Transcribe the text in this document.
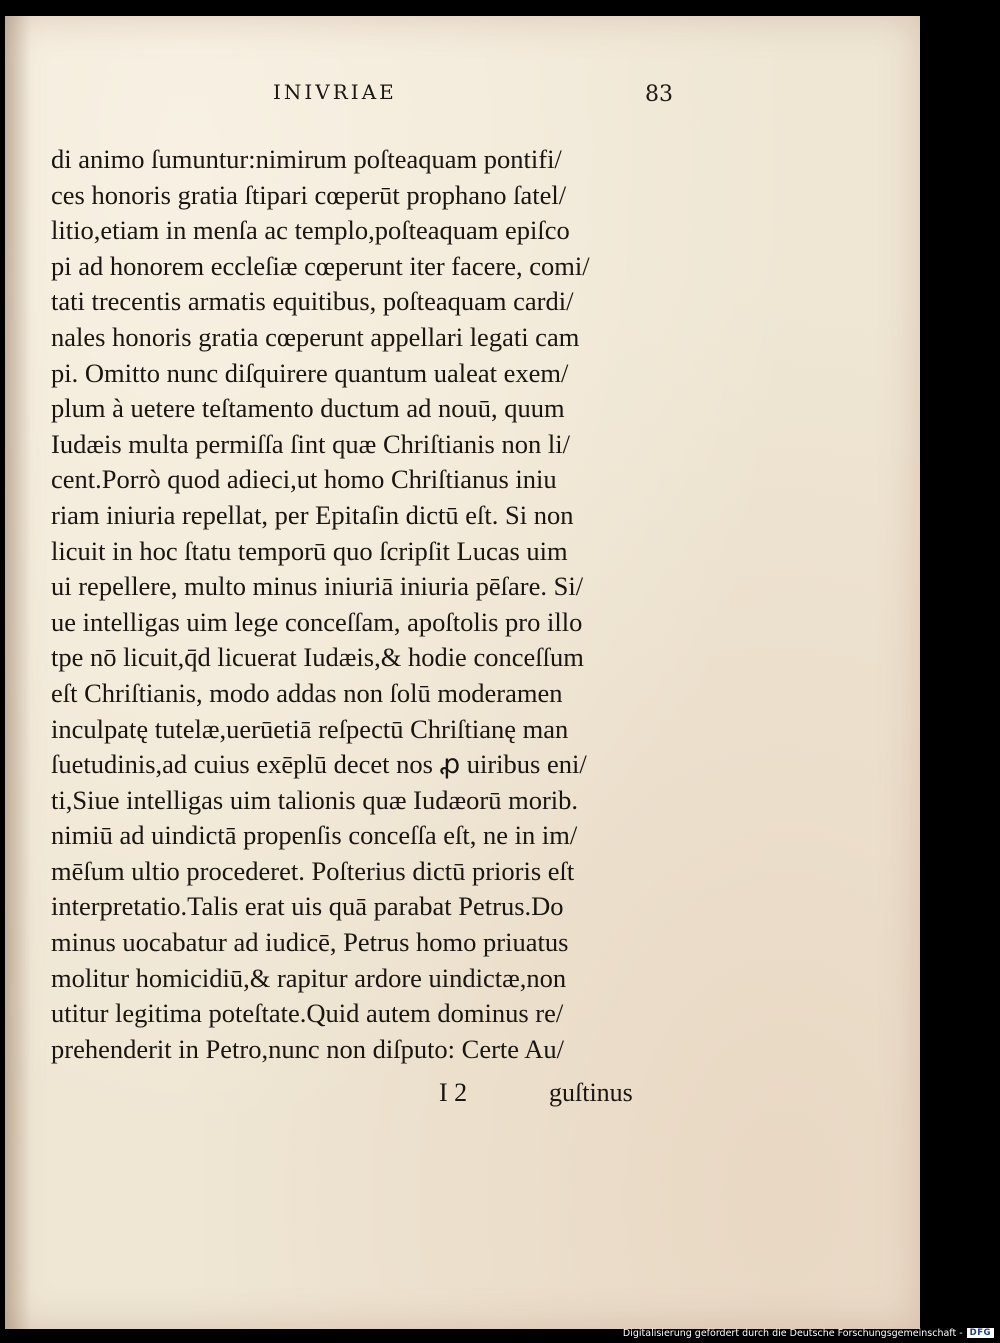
INIVRIAE	83
di animo ſumuntur:nimirum poſteaquam pontifi/
ces honoris gratia ſtipari cœperūt prophano ſatel/
litio,etiam in menſa ac templo,poſteaquam epiſco
pi ad honorem eccleſiæ cœperunt iter facere, comi/
tati trecentis armatis equitibus, poſteaquam cardi/
nales honoris gratia cœperunt appellari legati cam
pi. Omitto nunc diſquirere quantum ualeat exem/
plum à uetere teſtamento ductum ad nouū, quum
Iudæis multa permiſſa ſint quæ Chriſtianis non li/
cent.Porrò quod adieci,ut homo Chriſtianus iniu
riam iniuria repellat, per Epitaſin dictū eſt. Si non
licuit in hoc ſtatu temporū quo ſcripſit Lucas uim
ui repellere, multo minus iniuriā iniuria pēſare. Si/
ue intelligas uim lege conceſſam, apoſtolis pro illo
tpe nō licuit,q̄d licuerat Iudæis,& hodie conceſſum
eſt Chriſtianis, modo addas non ſolū moderamen
inculpatę tutelæ,uerūetiā reſpectū Chriſtianę man
ſuetudinis,ad cuius exēplū decet nos ꝓ uiribus eni/
ti,Siue intelligas uim talionis quæ Iudæorū morib.
nimiū ad uindictā propenſis conceſſa eſt, ne in im/
mēſum ultio procederet. Poſterius dictū prioris eſt
interpretatio.Talis erat uis quā parabat Petrus.Do
minus uocabatur ad iudicē, Petrus homo priuatus
molitur homicidiū,& rapitur ardore uindictæ,non
utitur legitima poteſtate.Quid autem dominus re/
prehenderit in Petro,nunc non diſputo: Certe Au/
I 2	guſtinus
Digitalisierung gefördert durch die Deutsche Forschungsgemeinschaft - DFG
